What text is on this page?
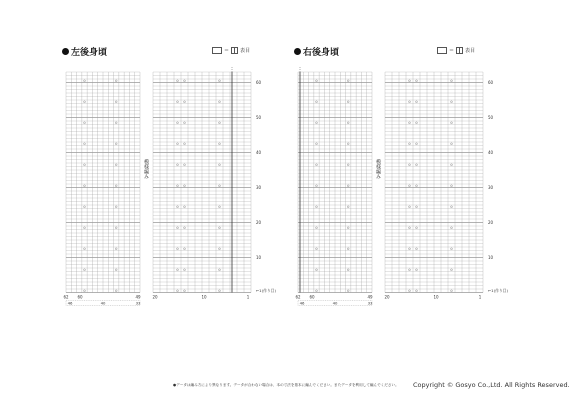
左後身頃	＝ 表目
模様編み
60
50
40
30
20
10
←1(作り目)
62 60	49	20	10	1
46	40	33
右後身頃	＝ 表目
模様編み
60
50
40
30
20
10
←1(作り目)
62 60	49	20	10	1
46	40	33
●データは編み方により異なります。データが合わない場合は、本の寸法を基本に編んでください。またデータを利用して編んでください。 Copyright © Gosyo Co.,Ltd. All Rights Reserved.
